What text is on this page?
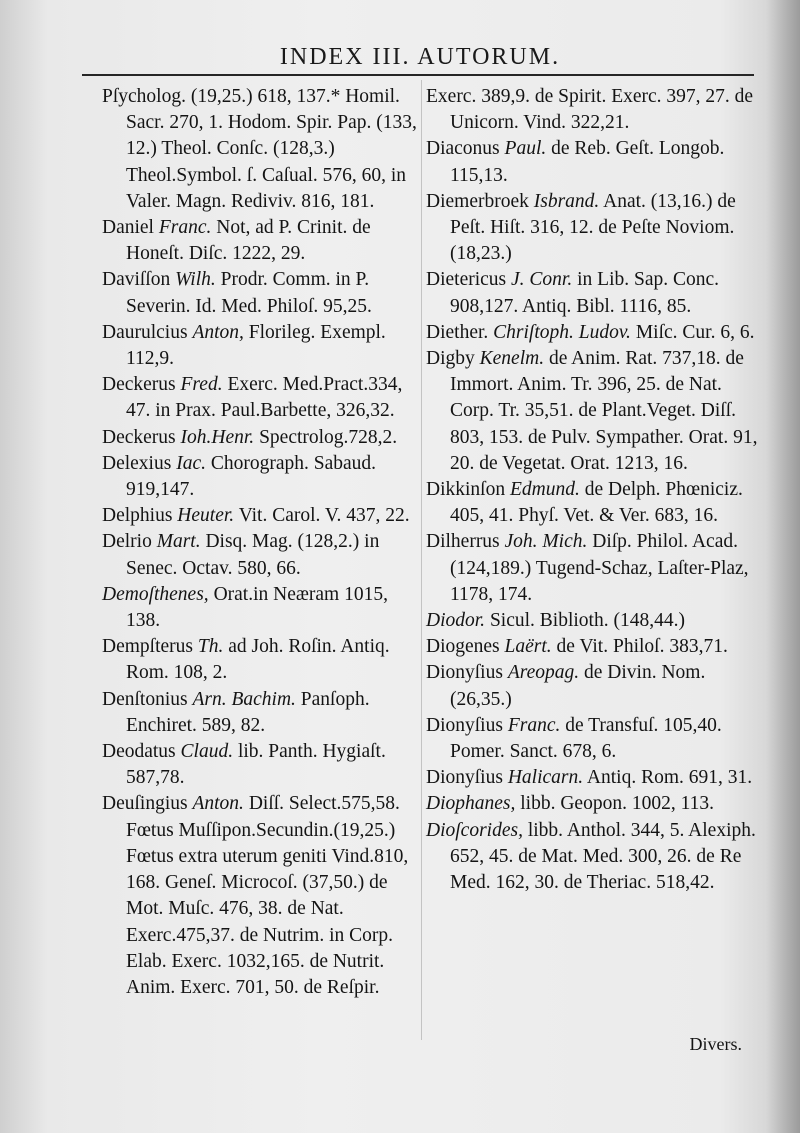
INDEX III. AUTORUM.

Pſycholog. (19,25.) 618, 137.* Homil. Sacr. 270, 1. Hodom. Spir. Pap. (133, 12.) Theol. Conſc. (128,3.) Theol.Symbol. ſ. Caſual. 576, 60, in Valer. Magn. Rediviv. 816, 181.

Daniel Franc. Not, ad P. Crinit. de Honeſt. Diſc. 1222, 29.

Daviſſon Wilh. Prodr. Comm. in P. Severin. Id. Med. Philoſ. 95,25.

Daurulcius Anton, Florileg. Exempl. 112,9.

Deckerus Fred. Exerc. Med.Pract.334, 47. in Prax. Paul.Barbette, 326,32.

Deckerus Ioh.Henr. Spectrolog.728,2.

Delexius Iac. Chorograph. Sabaud. 919,147.

Delphius Heuter. Vit. Carol. V. 437, 22.

Delrio Mart. Disq. Mag. (128,2.) in Senec. Octav. 580, 66.

Demoſthenes, Orat.in Neæram 1015, 138.

Dempſterus Th. ad Joh. Roſin. Antiq. Rom. 108, 2.

Denſtonius Arn. Bachim. Panſoph. Enchiret. 589, 82.

Deodatus Claud. lib. Panth. Hygiaſt. 587,78.

Deuſingius Anton. Diſſ. Select.575,58. Fœtus Muſſipon.Secundin.(19,25.) Fœtus extra uterum geniti Vind.810, 168. Geneſ. Microcoſ. (37,50.) de Mot. Muſc. 476, 38. de Nat. Exerc.475,37. de Nutrim. in Corp. Elab. Exerc. 1032,165. de Nutrit. Anim. Exerc. 701, 50. de Reſpir.

Exerc. 389,9. de Spirit. Exerc. 397, 27. de Unicorn. Vind. 322,21.

Diaconus Paul. de Reb. Geſt. Longob. 115,13.

Diemerbroek Isbrand. Anat. (13,16.) de Peſt. Hiſt. 316, 12. de Peſte Noviom. (18,23.)

Dietericus J. Conr. in Lib. Sap. Conc. 908,127. Antiq. Bibl. 1116, 85.

Diether. Chriſtoph. Ludov. Miſc. Cur. 6, 6.

Digby Kenelm. de Anim. Rat. 737,18. de Immort. Anim. Tr. 396, 25. de Nat. Corp. Tr. 35,51. de Plant.Veget. Diſſ. 803, 153. de Pulv. Sympather. Orat. 91, 20. de Vegetat. Orat. 1213, 16.

Dikkinſon Edmund. de Delph. Phœniciz. 405, 41. Phyſ. Vet. & Ver. 683, 16.

Dilherrus Joh. Mich. Diſp. Philol. Acad. (124,189.) Tugend-Schaz, Laſter-Plaz, 1178, 174.

Diodor. Sicul. Biblioth. (148,44.)

Diogenes Laërt. de Vit. Philoſ. 383,71.

Dionyſius Areopag. de Divin. Nom. (26,35.)

Dionyſius Franc. de Transfuſ. 105,40. Pomer. Sanct. 678, 6.

Dionyſius Halicarn. Antiq. Rom. 691, 31.

Diophanes, libb. Geopon. 1002, 113.

Dioſcorides, libb. Anthol. 344, 5. Alexiph. 652, 45. de Mat. Med. 300, 26. de Re Med. 162, 30. de Theriac. 518,42.

Divers.
